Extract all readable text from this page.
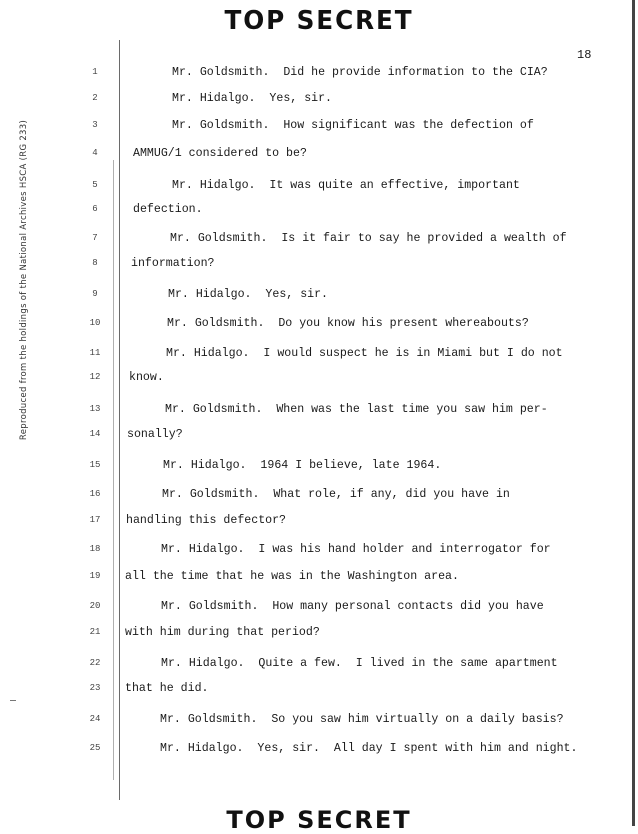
TOP SECRET
18
Reproduced from the holdings of the National Archives HSCA (RG 233)
1	Mr. Goldsmith.  Did he provide information to the CIA?
2	Mr. Hidalgo.  Yes, sir.
3	Mr. Goldsmith.  How significant was the defection of
4	AMMUG/1 considered to be?
5	Mr. Hidalgo.  It was quite an effective, important
6	defection.
7	Mr. Goldsmith.  Is it fair to say he provided a wealth of
8	information?
9	Mr. Hidalgo.  Yes, sir.
10	Mr. Goldsmith.  Do you know his present whereabouts?
11	Mr. Hidalgo.  I would suspect he is in Miami but I do not
12	know.
13	Mr. Goldsmith.  When was the last time you saw him per-
14	sonally?
15	Mr. Hidalgo.  1964 I believe, late 1964.
16	Mr. Goldsmith.  What role, if any, did you have in
17	handling this defector?
18	Mr. Hidalgo.  I was his hand holder and interrogator for
19	all the time that he was in the Washington area.
20	Mr. Goldsmith.  How many personal contacts did you have
21	with him during that period?
22	Mr. Hidalgo.  Quite a few.  I lived in the same apartment
23	that he did.
24	Mr. Goldsmith.  So you saw him virtually on a daily basis?
25	Mr. Hidalgo.  Yes, sir.  All day I spent with him and night.
TOP SECRET
